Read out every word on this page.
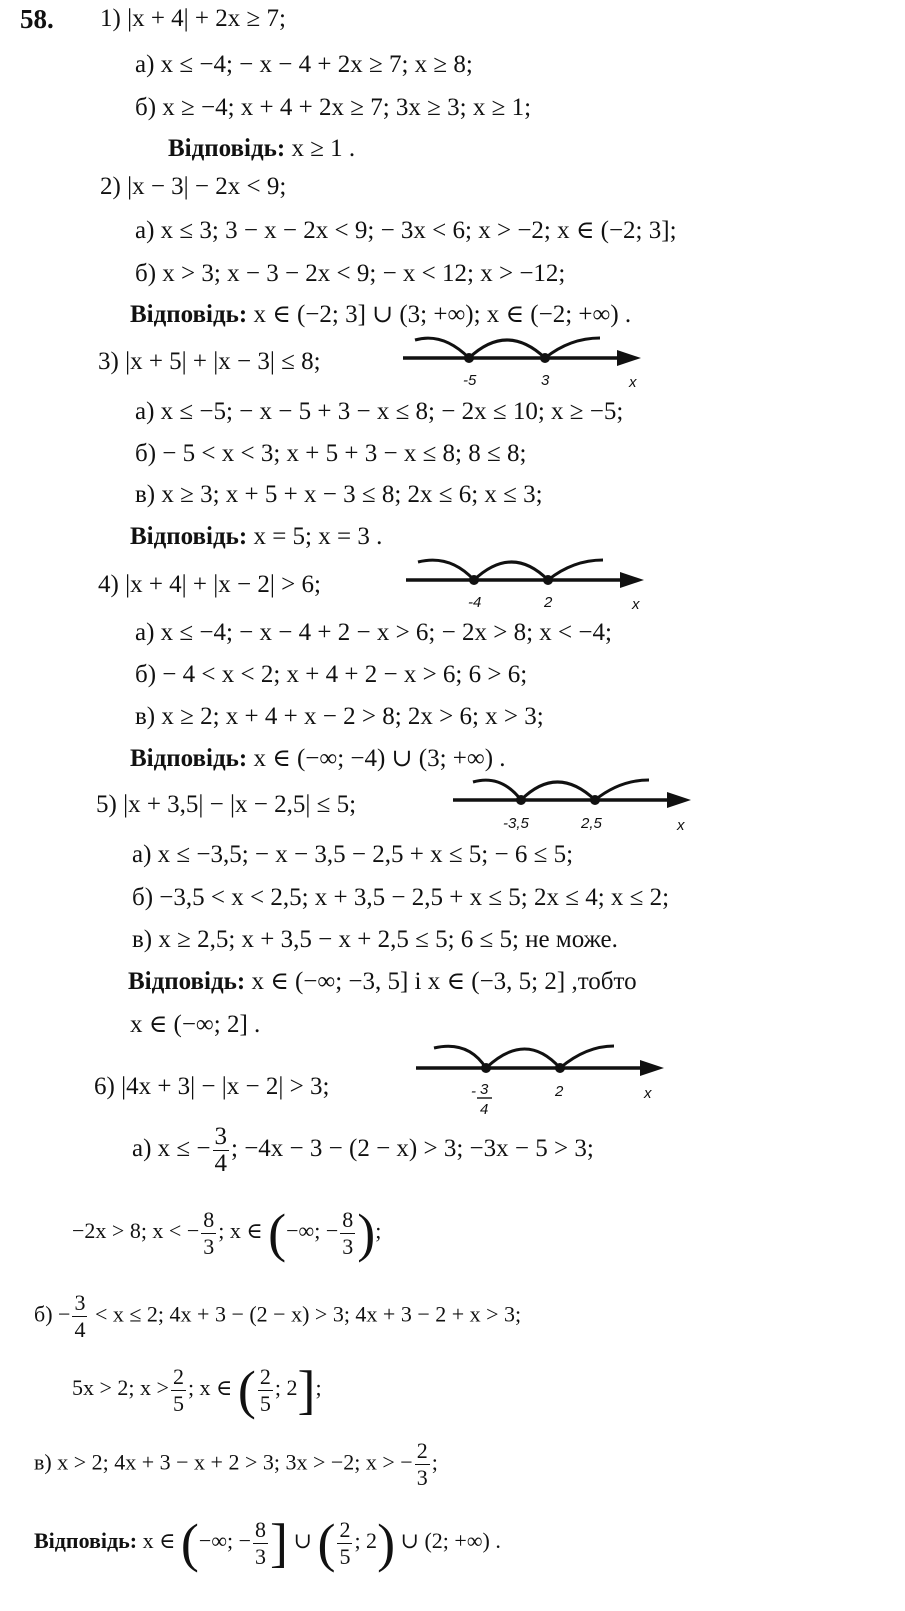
58. 1) |x + 4| + 2x ≥ 7;
а) x ≤ −4; − x − 4 + 2x ≥ 7; x ≥ 8;
б) x ≥ −4; x + 4 + 2x ≥ 7; 3x ≥ 3; x ≥ 1;
Відповідь: x ≥ 1 .
2) |x − 3| − 2x < 9;
а) x ≤ 3; 3 − x − 2x < 9; − 3x < 6; x > −2; x ∈ (−2; 3];
б) x > 3; x − 3 − 2x < 9; − x < 12; x > −12;
Відповідь: x ∈ (−2; 3] ∪ (3; +∞); x ∈ (−2; +∞) .
3) |x + 5| + |x − 3| ≤ 8;
-5	3	x
а) x ≤ −5; − x − 5 + 3 − x ≤ 8; − 2x ≤ 10; x ≥ −5;
б) − 5 < x < 3; x + 5 + 3 − x ≤ 8; 8 ≤ 8;
в) x ≥ 3; x + 5 + x − 3 ≤ 8; 2x ≤ 6; x ≤ 3;
Відповідь: x = 5; x = 3 .
4) |x + 4| + |x − 2| > 6;
-4	2	x
а) x ≤ −4; − x − 4 + 2 − x > 6; − 2x > 8; x < −4;
б) − 4 < x < 2; x + 4 + 2 − x > 6; 6 > 6;
в) x ≥ 2; x + 4 + x − 2 > 8; 2x > 6; x > 3;
Відповідь: x ∈ (−∞; −4) ∪ (3; +∞) .
5) |x + 3,5| − |x − 2,5| ≤ 5;
-3,5	2,5	x
а) x ≤ −3,5; − x − 3,5 − 2,5 + x ≤ 5; − 6 ≤ 5;
б) −3,5 < x < 2,5; x + 3,5 − 2,5 + x ≤ 5; 2x ≤ 4; x ≤ 2;
в) x ≥ 2,5; x + 3,5 − x + 2,5 ≤ 5; 6 ≤ 5; не може.
Відповідь: x ∈ (−∞; −3, 5] і x ∈ (−3, 5; 2] ,тобто
x ∈ (−∞; 2] .
6) |4x + 3| − |x − 2| > 3;	- 3
4
2	x
а) x ≤ − $\frac{3}{4}$ ; −4x − 3 − (2 − x) > 3; −3x − 5 > 3;
−2x > 8; x < − $\frac{8}{3}$ ; x ∈ (−∞; − $\frac{8}{3}$ );
$б) - \frac{3}{4} < x \le 2$; 4x + 3 − (2 − x) > 3; 4x + 3 − 2 + x > 3;
5x > 2; $x > \frac{2}{5}$ ; x ∈ ( $\frac{2}{5}$ ; 2];
в) x > 2; 4x + 3 − x + 2 > 3; 3x > −2; x > − $\frac{2}{3}$ ;
Відповідь: x ∈ (−∞; − $\frac{8}{3}$ ] ∪ ( $\frac{2}{5}$ ; 2) ∪ (2; +∞) .
